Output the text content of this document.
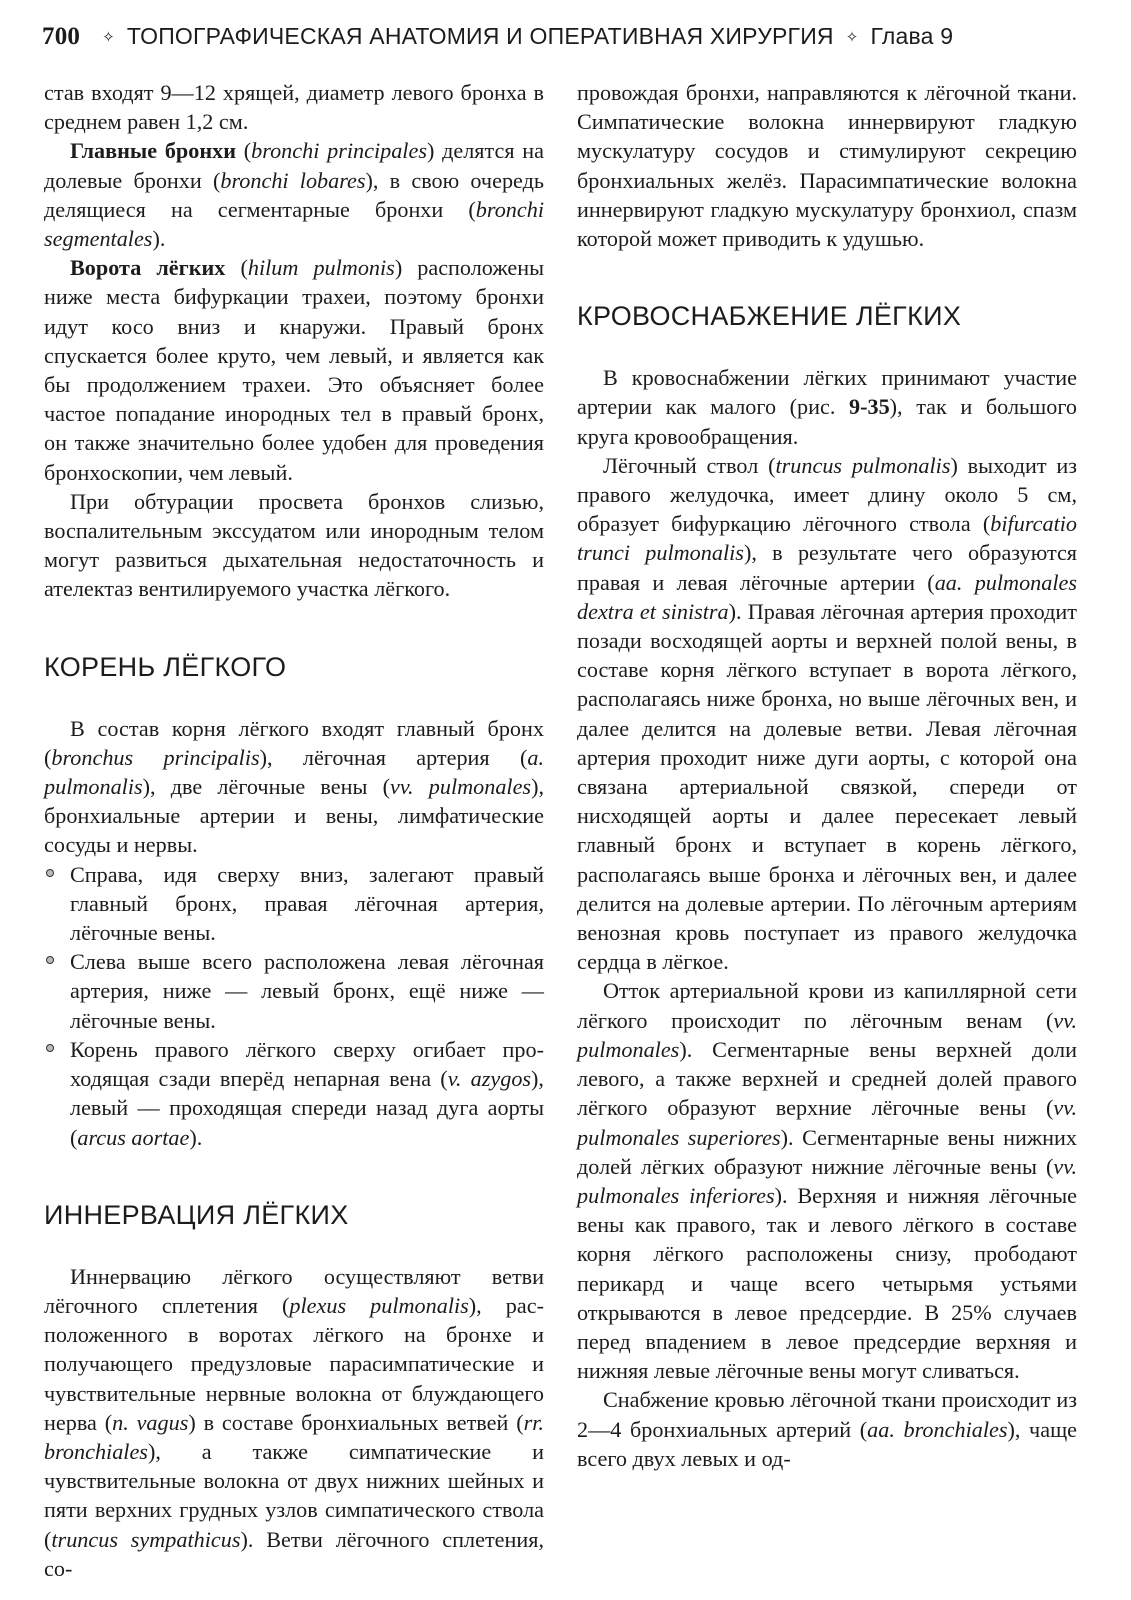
700 ✧ ТОПОГРАФИЧЕСКАЯ АНАТОМИЯ И ОПЕРАТИВНАЯ ХИРУРГИЯ ✧ Глава 9

став входят 9—12 хрящей, диаметр левого бронха в среднем равен 1,2 см.

Главные бронхи (bronchi principales) делятся на долевые бронхи (bronchi lobares), в свою очередь делящиеся на сегментарные бронхи (bronchi segmentales).

Ворота лёгких (hilum pulmonis) расположены ниже места бифуркации трахеи, поэтому бронхи идут косо вниз и кнаружи. Правый бронх спускается более круто, чем левый, и является как бы продолжением трахеи. Это объясняет более частое попадание инородных тел в правый бронх, он также значительно более удобен для проведения бронхоскопии, чем левый.

При обтурации просвета бронхов слизью, воспалительным экссудатом или инородным телом могут развиться дыхательная недостаточность и ателектаз вентилируемого участка лёгкого.

КОРЕНЬ ЛЁГКОГО

В состав корня лёгкого входят главный бронх (bronchus principalis), лёгочная артерия (a. pulmonalis), две лёгочные вены (vv. pulmonales), бронхиальные артерии и вены, лимфатические сосуды и нервы.

Справа, идя сверху вниз, залегают правый главный бронх, правая лёгочная артерия, лёгочные вены.
Слева выше всего расположена левая лёгочная артерия, ниже — левый бронх, ещё ниже — лёгочные вены.
Корень правого лёгкого сверху огибает проходящая сзади вперёд непарная вена (v. azygos), левый — проходящая спереди назад дуга аорты (arcus aortae).
ИННЕРВАЦИЯ ЛЁГКИХ

Иннервацию лёгкого осуществляют ветви лёгочного сплетения (plexus pulmonalis), расположенного в воротах лёгкого на бронхе и получающего предузловые парасимпатические и чувствительные нервные волокна от блуждающего нерва (n. vagus) в составе бронхиальных ветвей (rr. bronchiales), а также симпатические и чувствительные волокна от двух нижних шейных и пяти верхних грудных узлов симпатического ствола (truncus sympathicus). Ветви лёгочного сплетения, со-

провождая бронхи, направляются к лёгочной ткани. Симпатические волокна иннервируют гладкую мускулатуру сосудов и стимулируют секрецию бронхиальных желёз. Парасимпатические волокна иннервируют гладкую мускулатуру бронхиол, спазм которой может приводить к удушью.

КРОВОСНАБЖЕНИЕ ЛЁГКИХ

В кровоснабжении лёгких принимают участие артерии как малого (рис. 9-35), так и большого круга кровообращения.

Лёгочный ствол (truncus pulmonalis) выходит из правого желудочка, имеет длину около 5 см, образует бифуркацию лёгочного ствола (bifurcatio trunci pulmonalis), в результате чего образуются правая и левая лёгочные артерии (aa. pulmonales dextra et sinistra). Правая лёгочная артерия проходит позади восходящей аорты и верхней полой вены, в составе корня лёгкого вступает в ворота лёгкого, располагаясь ниже бронха, но выше лёгочных вен, и далее делится на долевые ветви. Левая лёгочная артерия проходит ниже дуги аорты, с которой она связана артериальной связкой, спереди от нисходящей аорты и далее пересекает левый главный бронх и вступает в корень лёгкого, располагаясь выше бронха и лёгочных вен, и далее делится на долевые артерии. По лёгочным артериям венозная кровь поступает из правого желудочка сердца в лёгкое.

Отток артериальной крови из капиллярной сети лёгкого происходит по лёгочным венам (vv. pulmonales). Сегментарные вены верхней доли левого, а также верхней и средней долей правого лёгкого образуют верхние лёгочные вены (vv. pulmonales superiores). Сегментарные вены нижних долей лёгких образуют нижние лёгочные вены (vv. pulmonales inferiores). Верхняя и нижняя лёгочные вены как правого, так и левого лёгкого в составе корня лёгкого расположены снизу, прободают перикард и чаще всего четырьмя устьями открываются в левое предсердие. В 25% случаев перед впадением в левое предсердие верхняя и нижняя левые лёгочные вены могут сливаться.

Снабжение кровью лёгочной ткани происходит из 2—4 бронхиальных артерий (aa. bronchiales), чаще всего двух левых и од-
